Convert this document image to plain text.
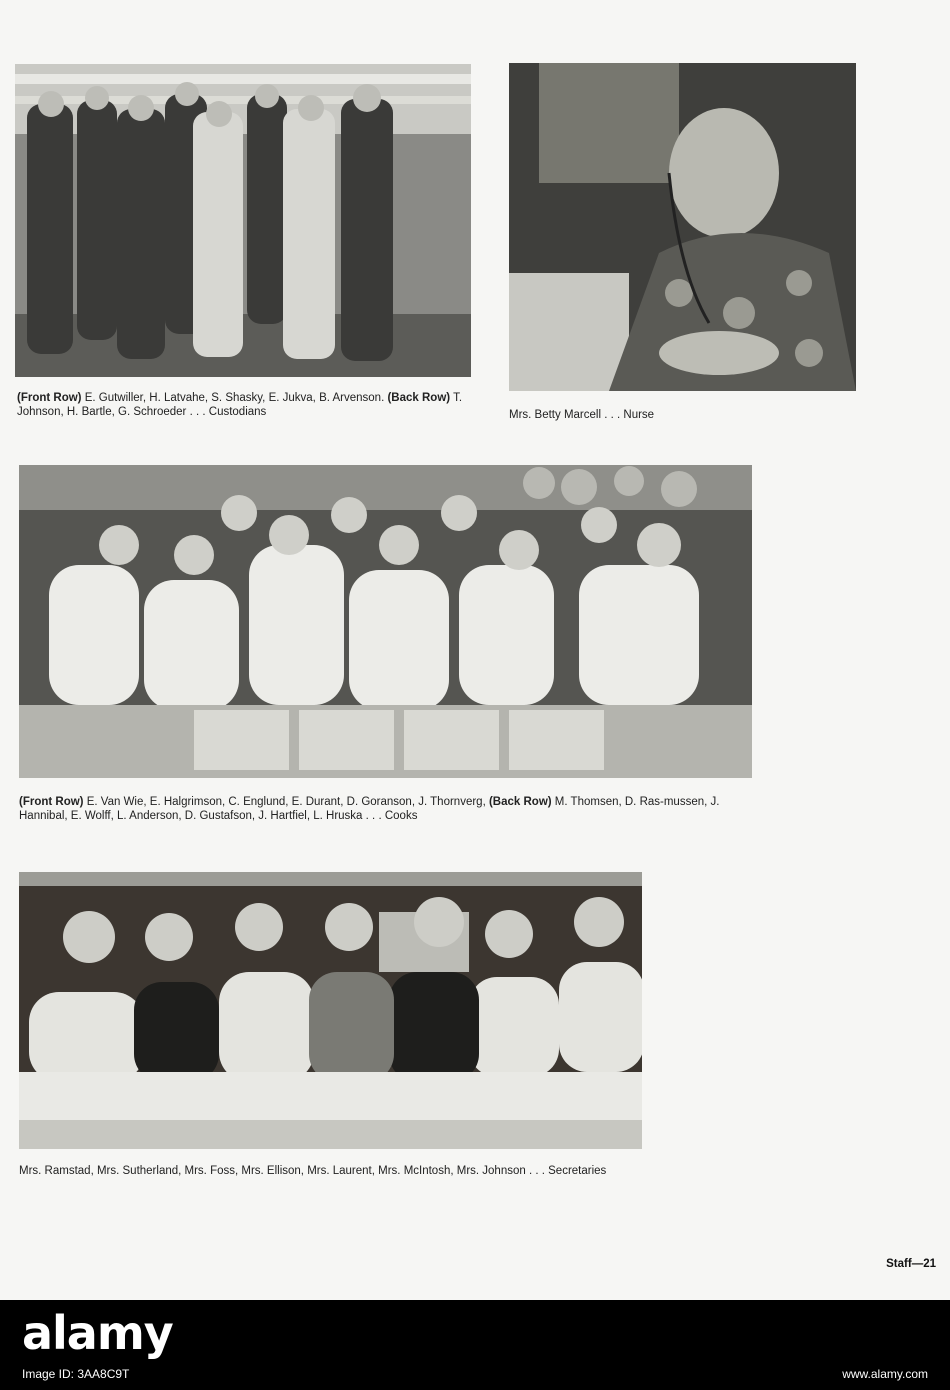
(Front Row) E. Gutwiller, H. Latvahe, S. Shasky, E. Jukva, B. Arvenson. (Back Row) T. Johnson, H. Bartle, G. Schroeder . . . Custodians	Mrs. Betty Marcell . . . Nurse
(Front Row) E. Van Wie, E. Halgrimson, C. Englund, E. Durant, D. Goranson, J. Thornverg, (Back Row) M. Thomsen, D. Ras-mussen, J. Hannibal, E. Wolff, L. Anderson, D. Gustafson, J. Hartfiel, L. Hruska . . . Cooks
Mrs. Ramstad, Mrs. Sutherland, Mrs. Foss, Mrs. Ellison, Mrs. Laurent, Mrs. McIntosh, Mrs. Johnson . . . Secretaries
Staff—21
alamy
Image ID: 3AA8C9T	www.alamy.com
